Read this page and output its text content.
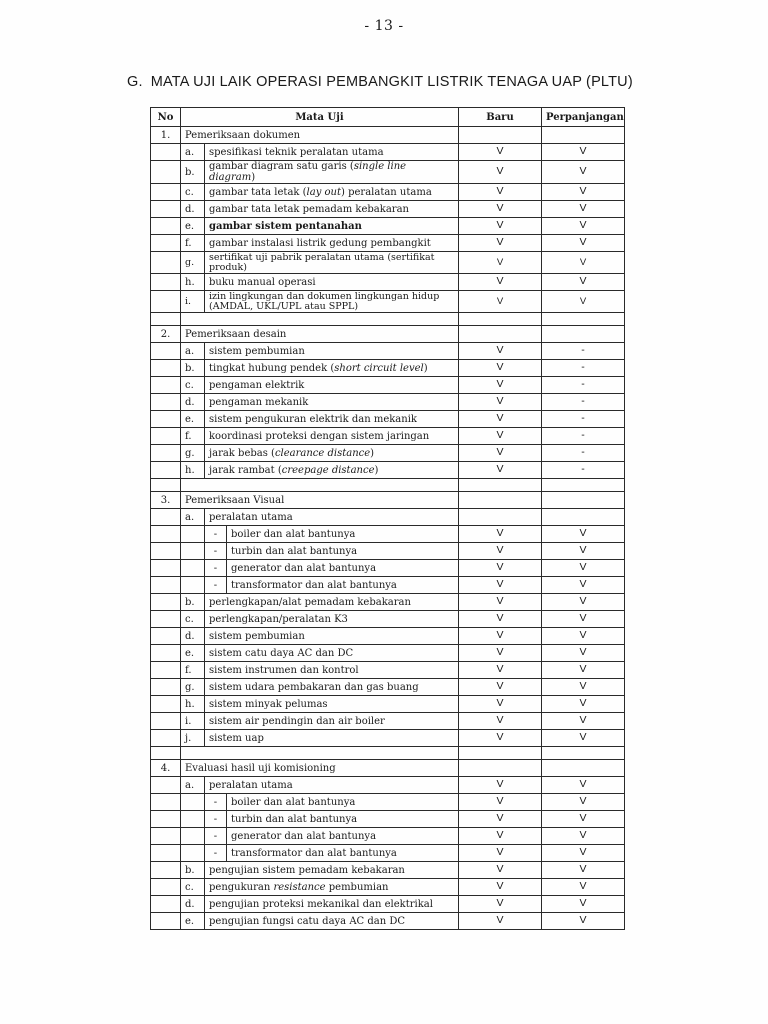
- 13 -
G. MATA UJI LAIK OPERASI PEMBANGKIT LISTRIK TENAGA UAP (PLTU)
No	Mata Uji			Baru	Perpanjangan
1.	Pemeriksaan dokumen				
	a.	spesifikasi teknik peralatan utama		V	V
	b.	gambar diagram satu garis (single line diagram)		V	V
	c.	gambar tata letak (lay out) peralatan utama		V	V
	d.	gambar tata letak pemadam kebakaran		V	V
	e.	gambar sistem pentanahan		V	V
	f.	gambar instalasi listrik gedung pembangkit		V	V
	g.	sertifikat uji pabrik peralatan utama (sertifikat produk)		V	V
	h.	buku manual operasi		V	V
	i.	izin lingkungan dan dokumen lingkungan hidup (AMDAL, UKL/UPL atau SPPL)		V	V

2.	Pemeriksaan desain				
	a.	sistem pembumian		V	-
	b.	tingkat hubung pendek (short circuit level)		V	-
	c.	pengaman elektrik		V	-
	d.	pengaman mekanik		V	-
	e.	sistem pengukuran elektrik dan mekanik		V	-
	f.	koordinasi proteksi dengan sistem jaringan		V	-
	g.	jarak bebas (clearance distance)		V	-
	h.	jarak rambat (creepage distance)		V	-

3.	Pemeriksaan Visual				
	a.	peralatan utama			
		-	boiler dan alat bantunya	V	V
		-	turbin dan alat bantunya	V	V
		-	generator dan alat bantunya	V	V
		-	transformator dan alat bantunya	V	V
	b.	perlengkapan/alat pemadam kebakaran		V	V
	c.	perlengkapan/peralatan K3		V	V
	d.	sistem pembumian		V	V
	e.	sistem catu daya AC dan DC		V	V
	f.	sistem instrumen dan kontrol		V	V
	g.	sistem udara pembakaran dan gas buang		V	V
	h.	sistem minyak pelumas		V	V
	i.	sistem air pendingin dan air boiler		V	V
	j.	sistem uap		V	V

4.	Evaluasi hasil uji komisioning				
	a.	peralatan utama		V	V
		-	boiler dan alat bantunya	V	V
		-	turbin dan alat bantunya	V	V
		-	generator dan alat bantunya	V	V
		-	transformator dan alat bantunya	V	V
	b.	pengujian sistem pemadam kebakaran		V	V
	c.	pengukuran resistance pembumian		V	V
	d.	pengujian proteksi mekanikal dan elektrikal		V	V
	e.	pengujian fungsi catu daya AC dan DC		V	V
